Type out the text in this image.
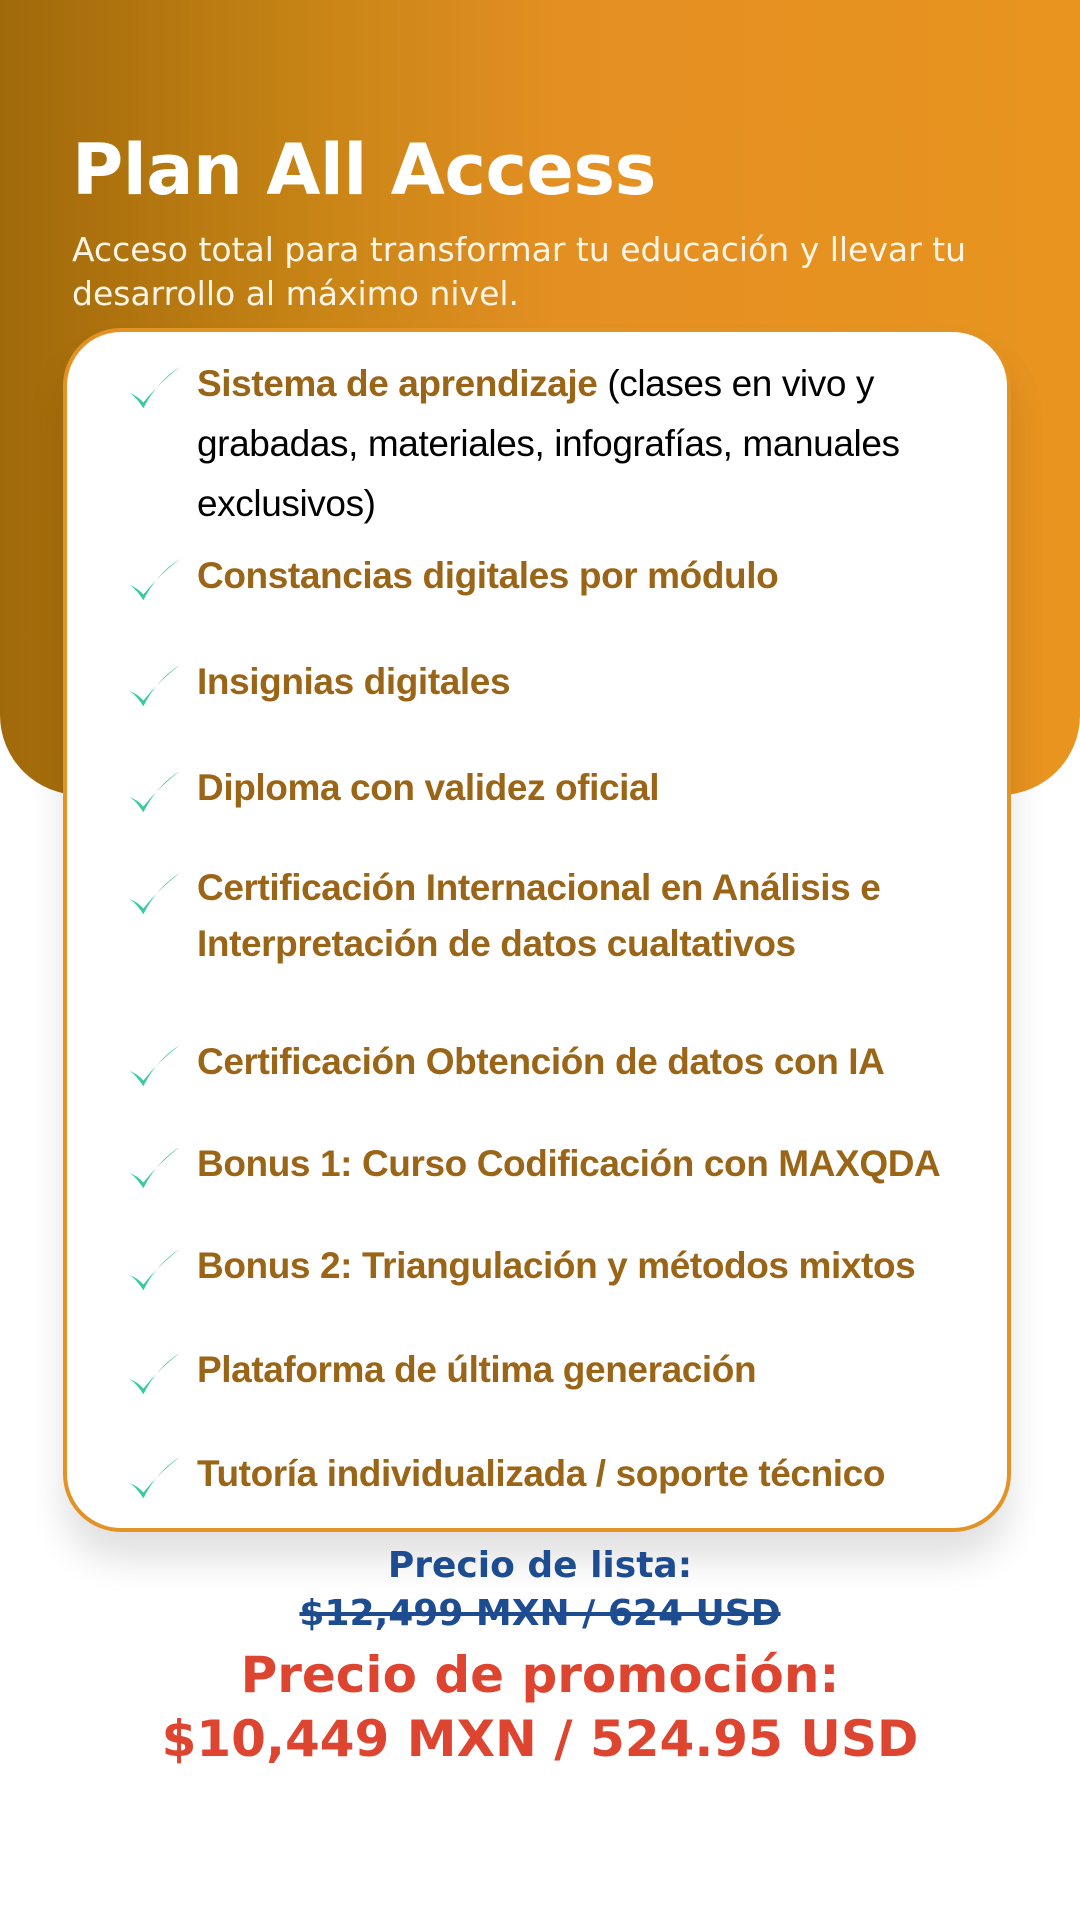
Plan All Access

Acceso total para transformar tu educación y llevar tu desarrollo al máximo nivel.

Sistema de aprendizaje (clases en vivo y grabadas, materiales, infografías, manuales exclusivos)
Constancias digitales por módulo
Insignias digitales
Diploma con validez oficial
Certificación Internacional en Análisis e Interpretación de datos cualtativos
Certificación Obtención de datos con IA
Bonus 1: Curso Codificación con MAXQDA
Bonus 2: Triangulación y métodos mixtos
Plataforma de última generación
Tutoría individualizada / soporte técnico

Precio de lista:

$12,499 MXN / 624 USD

Precio de promoción:

$10,449 MXN / 524.95 USD
